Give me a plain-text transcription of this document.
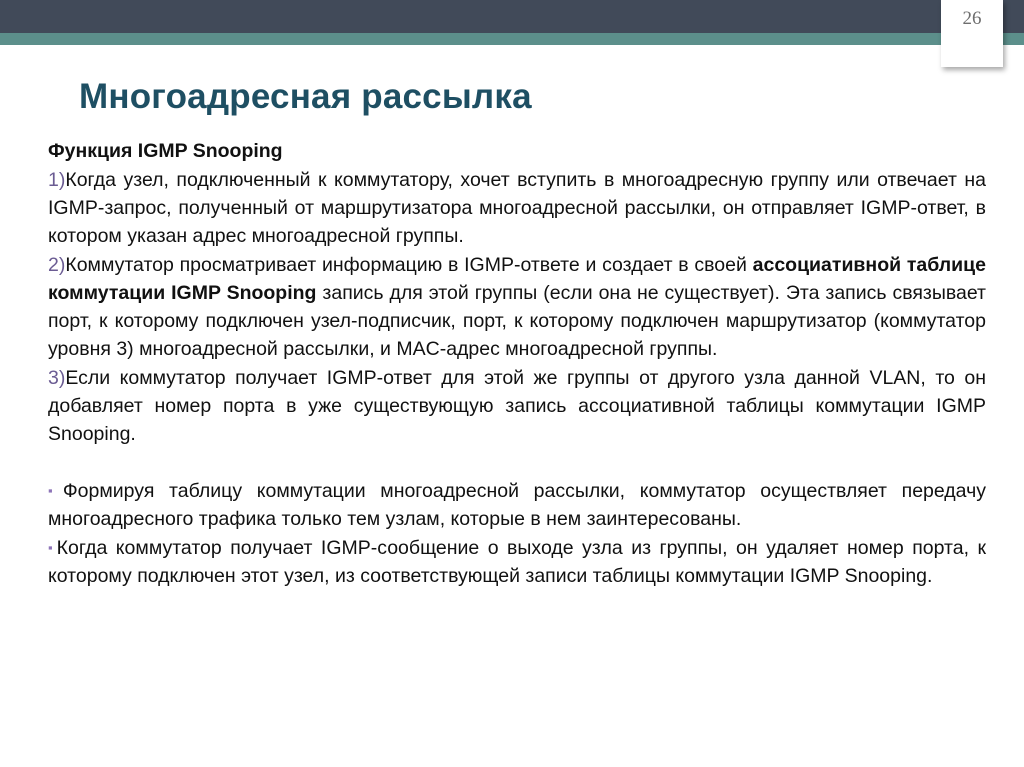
26
Многоадресная рассылка

Функция IGMP Snooping

1)Когда узел, подключенный к коммутатору, хочет вступить в многоадресную группу или отвечает на IGMP-запрос, полученный от маршрутизатора многоадресной рассылки, он отправляет IGMP-ответ, в котором указан адрес многоадресной группы.

2)Коммутатор просматривает информацию в IGMP-ответе и создает в своей ассоциативной таблице коммутации IGMP Snooping запись для этой группы (если она не существует). Эта запись связывает порт, к которому подключен узел-подписчик, порт, к которому подключен маршрутизатор (коммутатор уровня 3) многоадресной рассылки, и MAC-адрес многоадресной группы.

3)Если коммутатор получает IGMP-ответ для этой же группы от другого узла данной VLAN, то он добавляет номер порта в уже существующую запись ассоциативной таблицы коммутации IGMP Snooping.

▪Формируя таблицу коммутации многоадресной рассылки, коммутатор осуществляет передачу многоадресного трафика только тем узлам, которые в нем заинтересованы.

▪Когда коммутатор получает IGMP-сообщение о выходе узла из группы, он удаляет номер порта, к которому подключен этот узел, из соответствующей записи таблицы коммутации IGMP Snooping.
